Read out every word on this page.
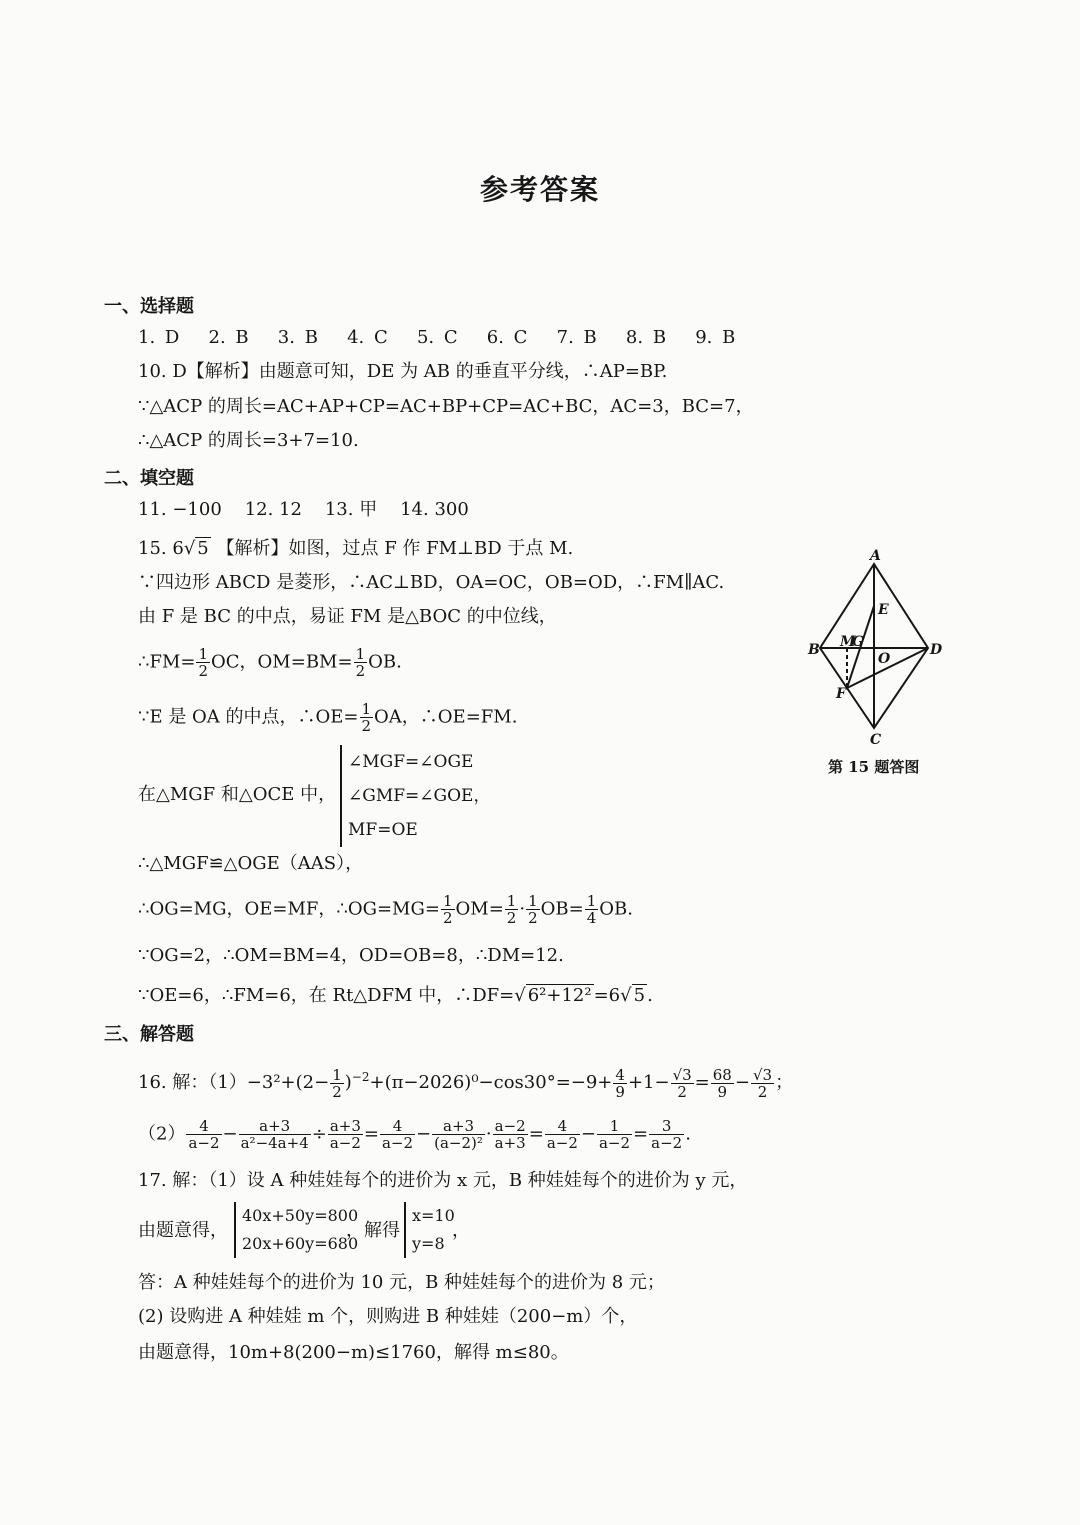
参考答案
一、选择题
1. D 2. B 3. B 4. C 5. C 6. C 7. B 8. B 9. B
10. D【解析】由题意可知，DE 为 AB 的垂直平分线，∴AP=BP.
∵△ACP 的周长=AC+AP+CP=AC+BP+CP=AC+BC，AC=3，BC=7，
∴△ACP 的周长=3+7=10.
二、填空题
11. −100 12. 12 13. 甲 14. 300
15. 6√ 5 【解析】如图，过点 F 作 FM⊥BD 于点 M.
∵四边形 ABCD 是菱形，∴AC⊥BD，OA=OC，OB=OD，∴FM∥AC.
由 F 是 BC 的中点，易证 FM 是△BOC 的中位线，
∴FM= $\frac{1}{2}$ OC，$OM=BM= \frac{1}{2}$ OB.
∵E 是 OA 的中点，∴OE= $\frac{1}{2}$ OA，∴OE=FM.
在△MGF 和△OCE 中，
∠MGF=∠OGE
∠GMF=∠GOE，
MF=OE
∴△MGF≌△OGE（AAS），
∴OG=MG，OE=MF，∴OG=MG= $\frac{1}{2} OM= \frac{1}{2} \cdot \frac{1}{2} OB= \frac{1}{4}$ OB.
∵OG=2，∴OM=BM=4，OD=OB=8，∴DM=12.
∵OE=6，∴FM=6，在 Rt△DFM 中，∴DF=√ 6²+12² =6√ 5 .
A
B
C
D
E
O
M
G
F
第 15 题答图
三、解答题
16. 解：$(1)-3^2+(2- \frac{1}{2} )^{-2}+(\pi-2026)^0-\cos 30^\circ=-9+ \frac{4}{9} +1- \frac{√3}{2} = \frac{68}{9} - \frac{√3}{2}$ ；
$(2) \frac{4}{a-2} - \frac{a+3}{\text{a²−4a+4}} \div \frac{a+3}{a-2} = \frac{4}{a-2} - \frac{a+3}{\text{(a−2)²}} \cdot \frac{a-2}{a+3} = \frac{4}{a-2} - \frac{1}{a-2} = \frac{3}{a-2}$ .
17. 解：（1）设 A 种娃娃每个的进价为 x 元，B 种娃娃每个的进价为 y 元，
由题意得，
40x+50y=800
20x+60y=680
，解得
x=10
y=8
，
答：A 种娃娃每个的进价为 10 元，B 种娃娃每个的进价为 8 元；
(2) 设购进 A 种娃娃 m 个，则购进 B 种娃娃（200−m）个，
由题意得，10m+8(200−m)≤1760，解得 m≤80。
